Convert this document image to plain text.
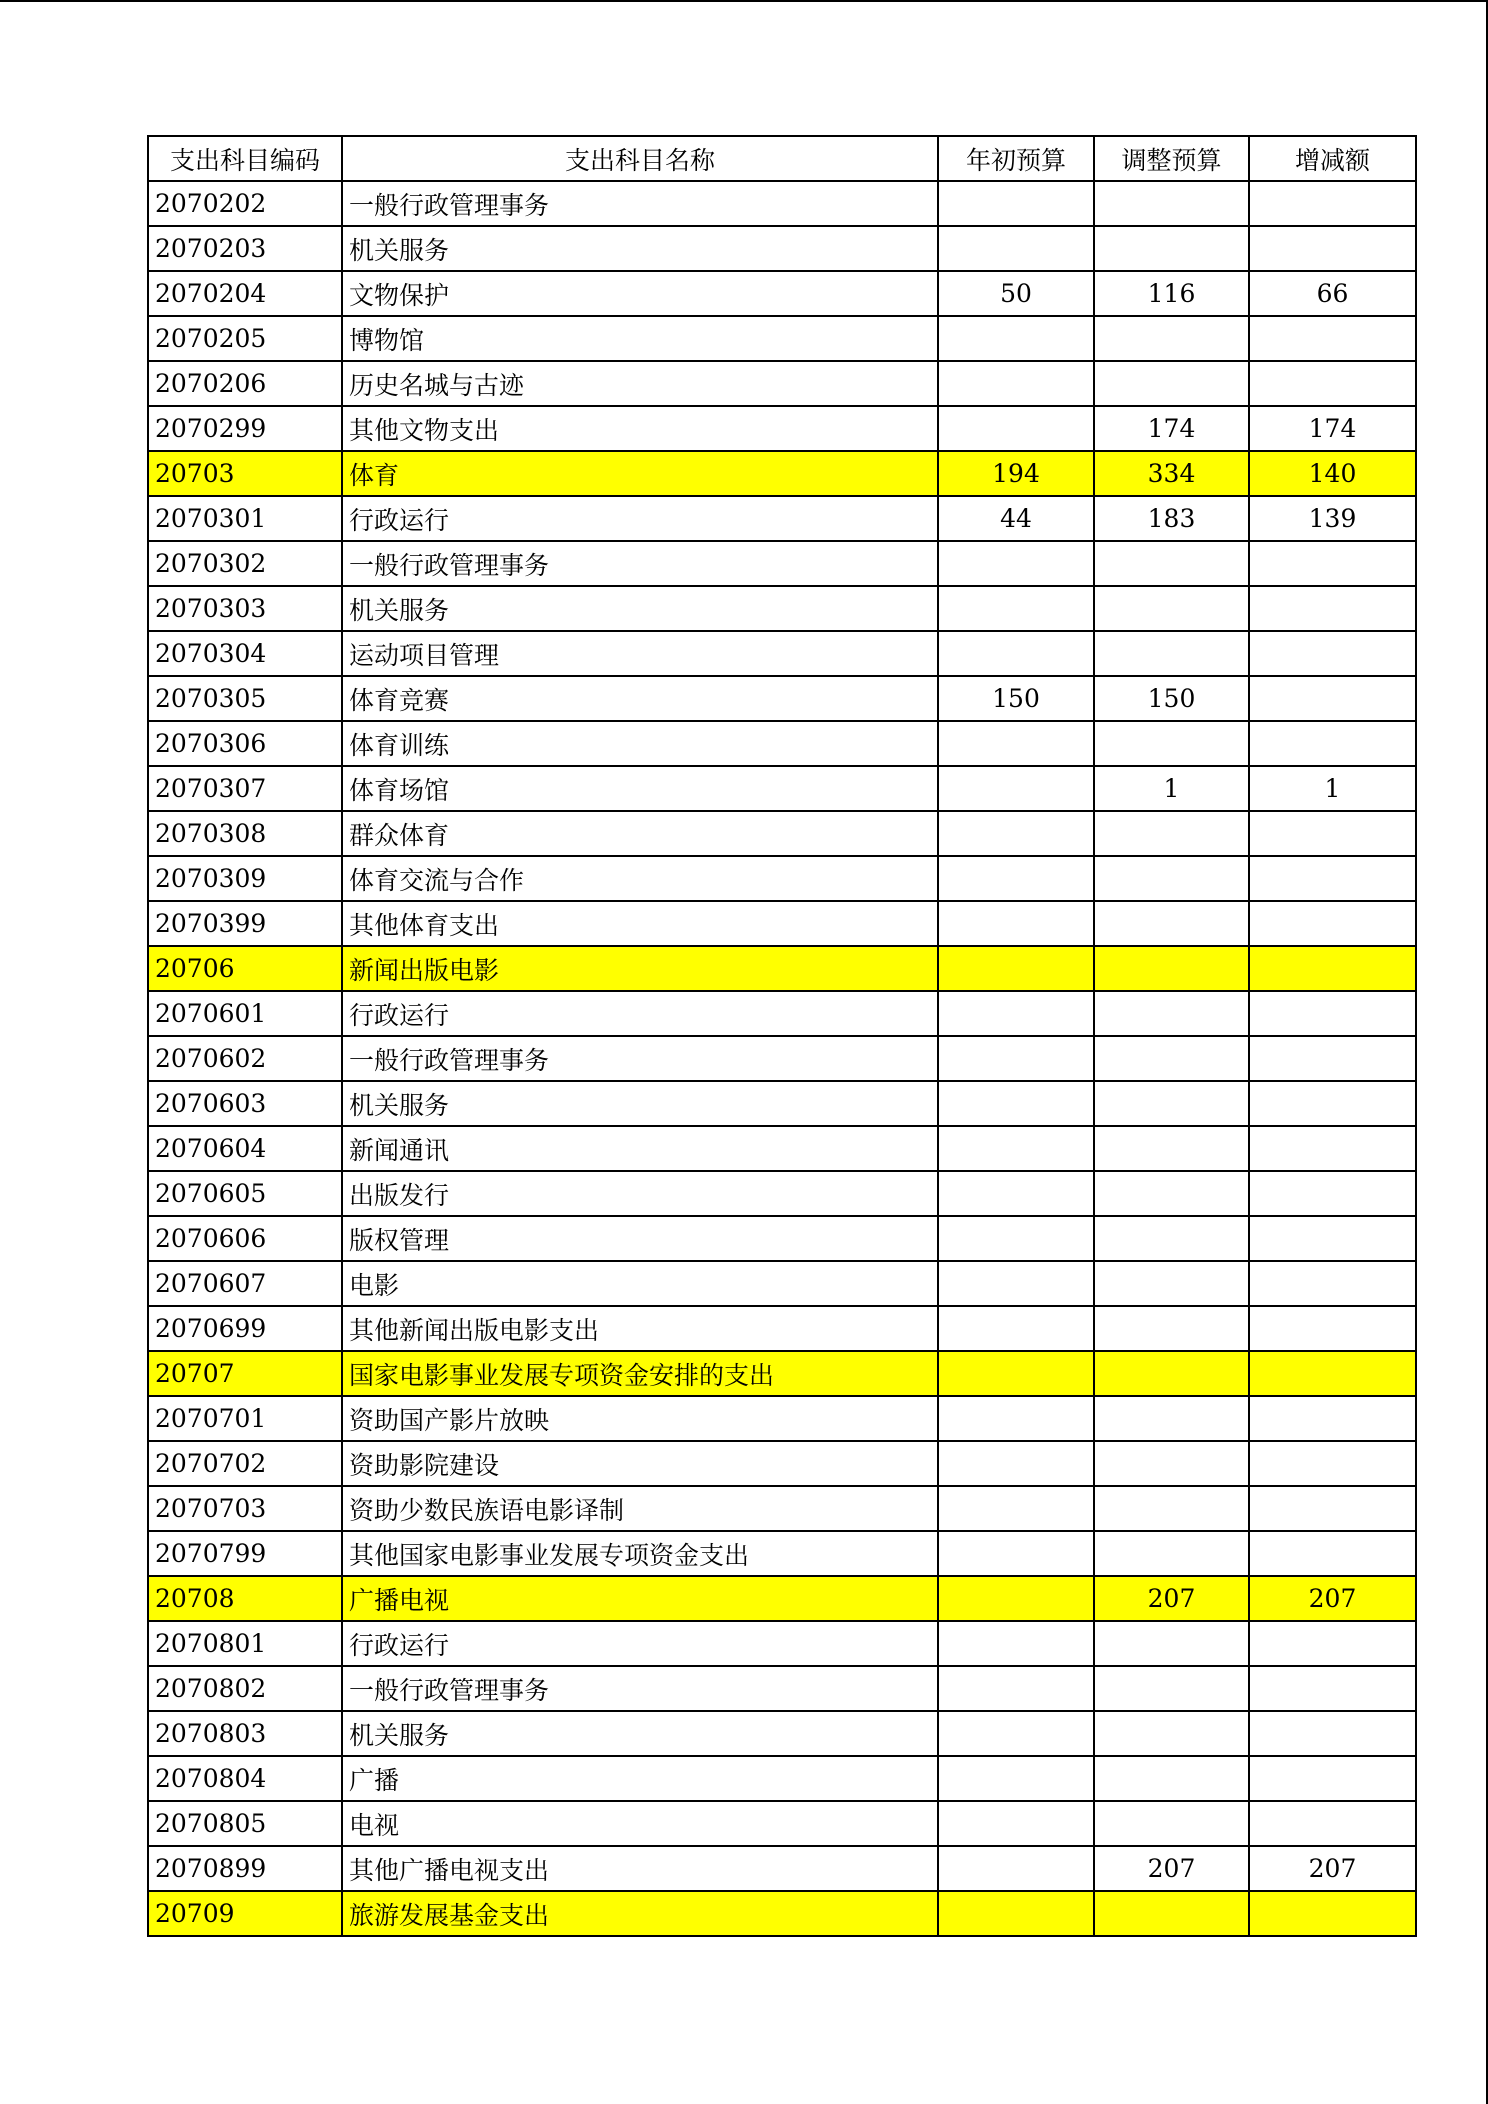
支出科目编码	支出科目名称	年初预算	调整预算	增减额
2070202	一般行政管理事务			
2070203	机关服务			
2070204	文物保护	50	116	66
2070205	博物馆			
2070206	历史名城与古迹			
2070299	其他文物支出		174	174
20703	体育	194	334	140
2070301	行政运行	44	183	139
2070302	一般行政管理事务			
2070303	机关服务			
2070304	运动项目管理			
2070305	体育竞赛	150	150	
2070306	体育训练			
2070307	体育场馆		1	1
2070308	群众体育			
2070309	体育交流与合作			
2070399	其他体育支出			
20706	新闻出版电影			
2070601	行政运行			
2070602	一般行政管理事务			
2070603	机关服务			
2070604	新闻通讯			
2070605	出版发行			
2070606	版权管理			
2070607	电影			
2070699	其他新闻出版电影支出			
20707	国家电影事业发展专项资金安排的支出			
2070701	资助国产影片放映			
2070702	资助影院建设			
2070703	资助少数民族语电影译制			
2070799	其他国家电影事业发展专项资金支出			
20708	广播电视		207	207
2070801	行政运行			
2070802	一般行政管理事务			
2070803	机关服务			
2070804	广播			
2070805	电视			
2070899	其他广播电视支出		207	207
20709	旅游发展基金支出			
